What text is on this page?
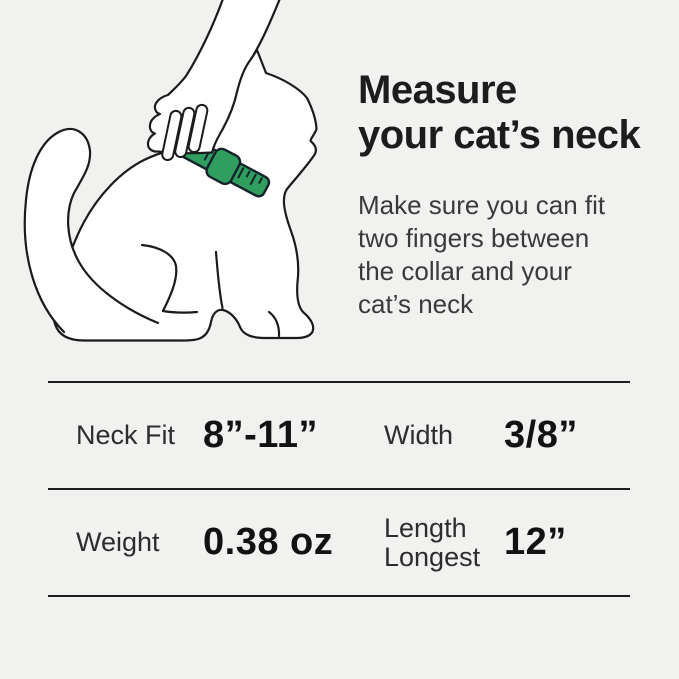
Measure
your cat’s neck
Make sure you can fit two fingers between the collar and your cat’s neck
Neck Fit 8”-11”	Width	3/8”
Weight	0.38 oz	Length Longest 12”
